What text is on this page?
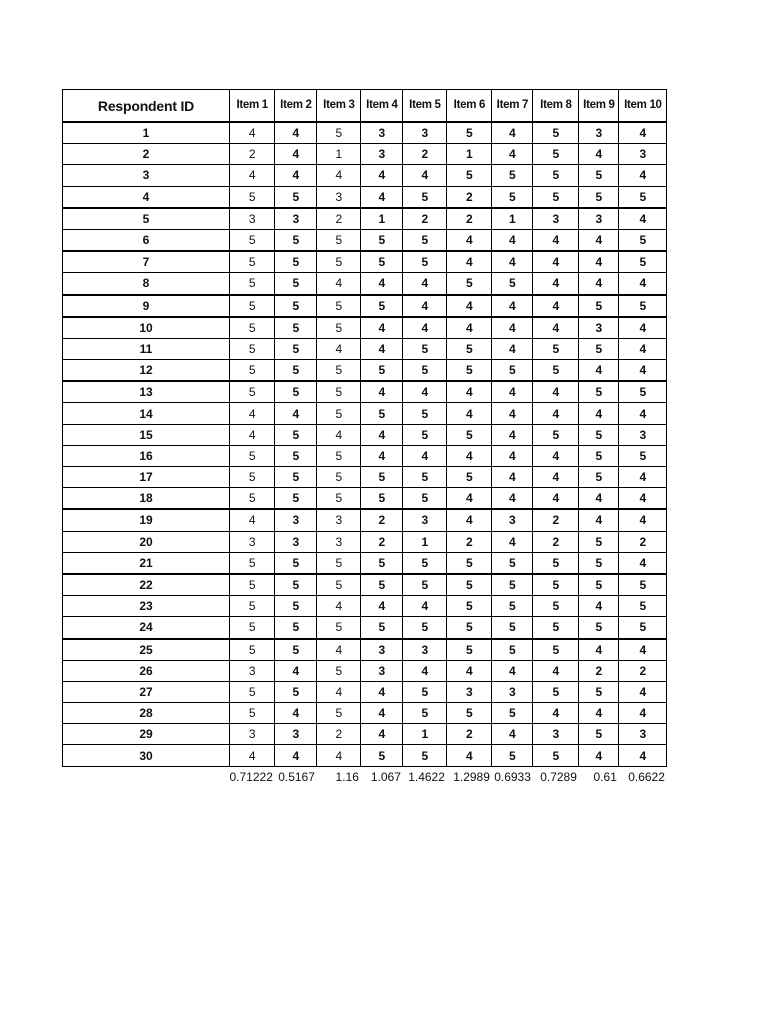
Respondent ID	Item 1	Item 2	Item 3	Item 4	Item 5	Item 6	Item 7	Item 8	Item 9	Item 10
1	4	4	5	3	3	5	4	5	3	4
2	2	4	1	3	2	1	4	5	4	3
3	4	4	4	4	4	5	5	5	5	4
4	5	5	3	4	5	2	5	5	5	5
5	3	3	2	1	2	2	1	3	3	4
6	5	5	5	5	5	4	4	4	4	5
7	5	5	5	5	5	4	4	4	4	5
8	5	5	4	4	4	5	5	4	4	4
9	5	5	5	5	4	4	4	4	5	5
10	5	5	5	4	4	4	4	4	3	4
11	5	5	4	4	5	5	4	5	5	4
12	5	5	5	5	5	5	5	5	4	4
13	5	5	5	4	4	4	4	4	5	5
14	4	4	5	5	5	4	4	4	4	4
15	4	5	4	4	5	5	4	5	5	3
16	5	5	5	4	4	4	4	4	5	5
17	5	5	5	5	5	5	4	4	5	4
18	5	5	5	5	5	4	4	4	4	4
19	4	3	3	2	3	4	3	2	4	4
20	3	3	3	2	1	2	4	2	5	2
21	5	5	5	5	5	5	5	5	5	4
22	5	5	5	5	5	5	5	5	5	5
23	5	5	4	4	4	5	5	5	4	5
24	5	5	5	5	5	5	5	5	5	5
25	5	5	4	3	3	5	5	5	4	4
26	3	4	5	3	4	4	4	4	2	2
27	5	5	4	4	5	3	3	5	5	4
28	5	4	5	4	5	5	5	4	4	4
29	3	3	2	4	1	2	4	3	5	3
30	4	4	4	5	5	4	5	5	4	4
	0.71222	0.5167	1.16	1.067	1.4622	1.2989	0.6933	0.7289	0.61	0.6622
